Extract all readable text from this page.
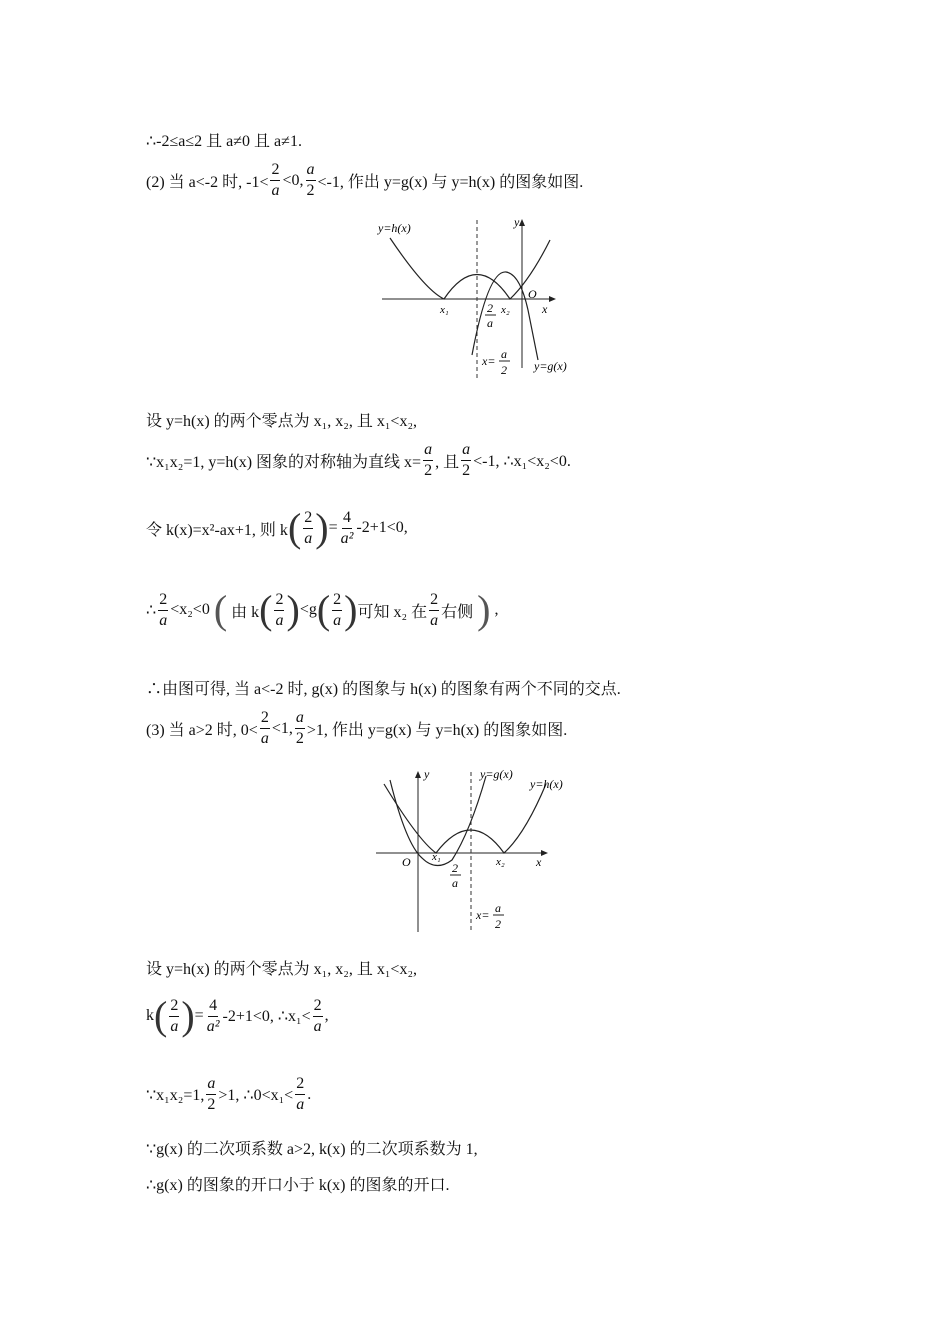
∴-2≤a≤2 且 a≠0 且 a≠1.
(2) 当 a<-2 时, $-1< \frac{2}{a} <0$, $\frac{a}{2} <-1$, 作出 y=g(x) 与 y=h(x) 的图象如图.
y=h(x)	y
x
O
x₁	x₂
2
a
x= a
2 y=g(x)
设 y=h(x) 的两个零点为 x₁, x₂, 且 x₁<x₂,
∵x₁x₂=1, y=h(x) 图象的对称轴为直线 $x= \frac{a}{2}$ , 且 $\frac{a}{2} <-1$, ∴x₁<x₂<0.
令 k(x)=x²-ax+1, 则 k ( $\frac{2}{a}$ ) = $\frac{4}{\text{a²}} -2+1<0$,
∴ $\frac{2}{a} <x_2<0$ ( 由 k ( $\frac{2}{a}$ ) <g ( $\frac{2}{a}$ ) 可知 x₂ 在 $\frac{2}{a}$ 右侧 ) ,
∴由图可得, 当 a<-2 时, g(x) 的图象与 h(x) 的图象有两个不同的交点.
(3) 当 a>2 时, $0< \frac{2}{a} <1$, $\frac{a}{2} >1$, 作出 y=g(x) 与 y=h(x) 的图象如图.
y	y=g(x)
y=h(x)
x
O x₁	x₂
2
a
x= a
2
设 y=h(x) 的两个零点为 x₁, x₂, 且 x₁<x₂,
k ( $\frac{2}{a}$ ) = $\frac{4}{\text{a²}} -2+1<0$, ∴x₁< $\frac{2}{a}$ ,
∵x₁x₂=1, $\frac{a}{2} >1$, ∴0<x₁< $\frac{2}{a}$ .
∵g(x) 的二次项系数 a>2, k(x) 的二次项系数为 1,
∴g(x) 的图象的开口小于 k(x) 的图象的开口.
